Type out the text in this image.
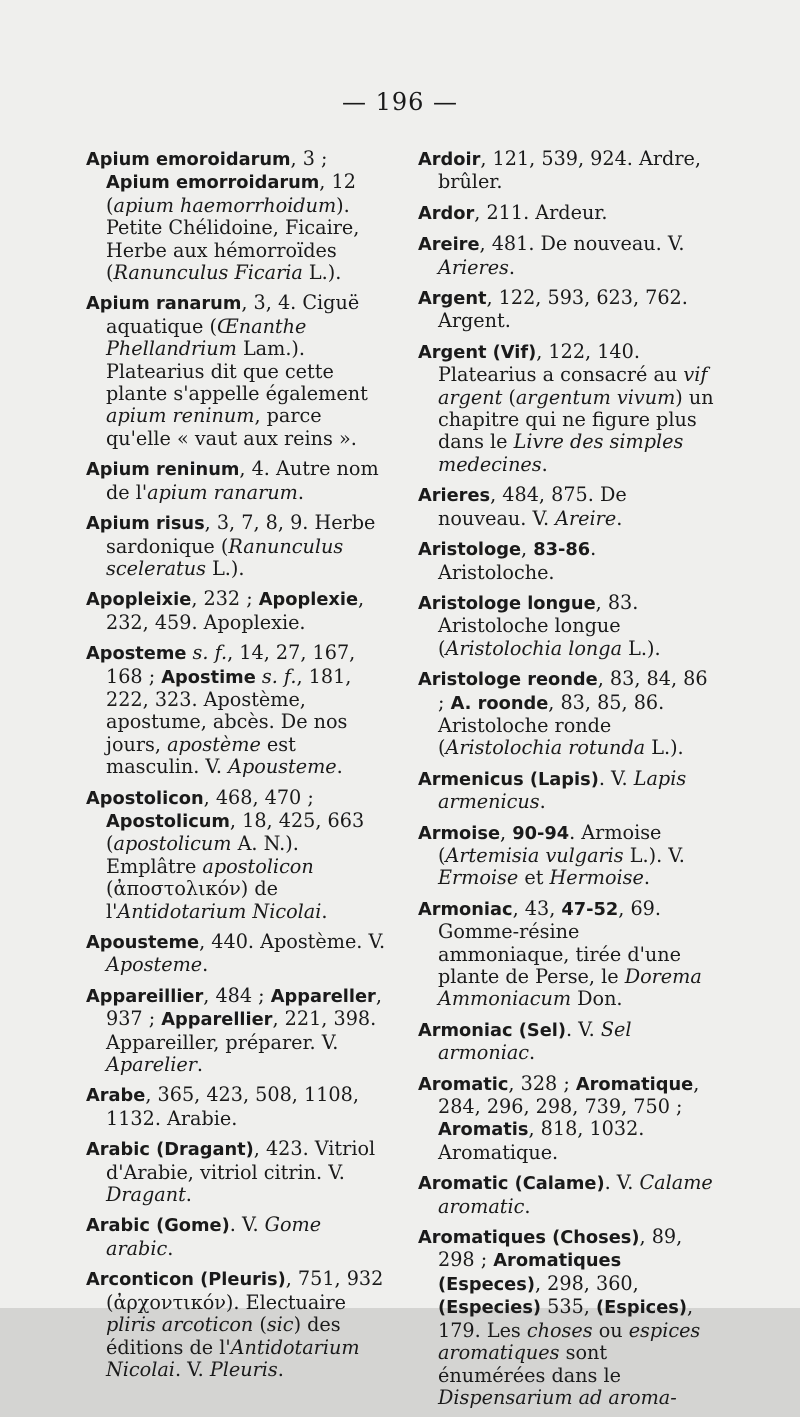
— 196 —

Apium emoroidarum, 3 ; Apium emorroidarum, 12 (apium haemorrhoidum). Petite Chélidoine, Ficaire, Herbe aux hémorroïdes (Ranunculus Ficaria L.).

Apium ranarum, 3, 4. Ciguë aquatique (Œnanthe Phellandrium Lam.). Platearius dit que cette plante s'appelle également apium reninum, parce qu'elle « vaut aux reins ».

Apium reninum, 4. Autre nom de l'apium ranarum.

Apium risus, 3, 7, 8, 9. Herbe sardonique (Ranunculus sceleratus L.).

Apopleixie, 232 ; Apoplexie, 232, 459. Apoplexie.

Aposteme s. f., 14, 27, 167, 168 ; Apostime s. f., 181, 222, 323. Apostème, apostume, abcès. De nos jours, apostème est masculin. V. Apousteme.

Apostolicon, 468, 470 ; Apostolicum, 18, 425, 663 (apostolicum A. N.). Emplâtre apostolicon (ἀποστολικόν) de l'Antidotarium Nicolai.

Apousteme, 440. Apostème. V. Aposteme.

Appareillier, 484 ; Appareller, 937 ; Apparellier, 221, 398. Appareiller, préparer. V. Aparelier.

Arabe, 365, 423, 508, 1108, 1132. Arabie.

Arabic (Dragant), 423. Vitriol d'Arabie, vitriol citrin. V. Dragant.

Arabic (Gome). V. Gome arabic.

Arconticon (Pleuris), 751, 932 (ἀρχοντικόν). Electuaire pliris arcoticon (sic) des éditions de l'Antidotarium Nicolai. V. Pleuris.

Ardoir, 121, 539, 924. Ardre, brûler.

Ardor, 211. Ardeur.

Areire, 481. De nouveau. V. Arieres.

Argent, 122, 593, 623, 762. Argent.

Argent (Vif), 122, 140. Platearius a consacré au vif argent (argentum vivum) un chapitre qui ne figure plus dans le Livre des simples medecines.

Arieres, 484, 875. De nouveau. V. Areire.

Aristologe, 83-86. Aristoloche.

Aristologe longue, 83. Aristoloche longue (Aristolochia longa L.).

Aristologe reonde, 83, 84, 86 ; A. roonde, 83, 85, 86. Aristoloche ronde (Aristolochia rotunda L.).

Armenicus (Lapis). V. Lapis armenicus.

Armoise, 90-94. Armoise (Artemisia vulgaris L.). V. Ermoise et Hermoise.

Armoniac, 43, 47-52, 69. Gomme-résine ammoniaque, tirée d'une plante de Perse, le Dorema Ammoniacum Don.

Armoniac (Sel). V. Sel armoniac.

Aromatic, 328 ; Aromatique, 284, 296, 298, 739, 750 ; Aromatis, 818, 1032. Aromatique.

Aromatic (Calame). V. Calame aromatic.

Aromatiques (Choses), 89, 298 ; Aromatiques (Especes), 298, 360, (Especies) 535, (Espices), 179. Les choses ou espices aromatiques sont énumérées dans le Dispensarium ad aroma-
